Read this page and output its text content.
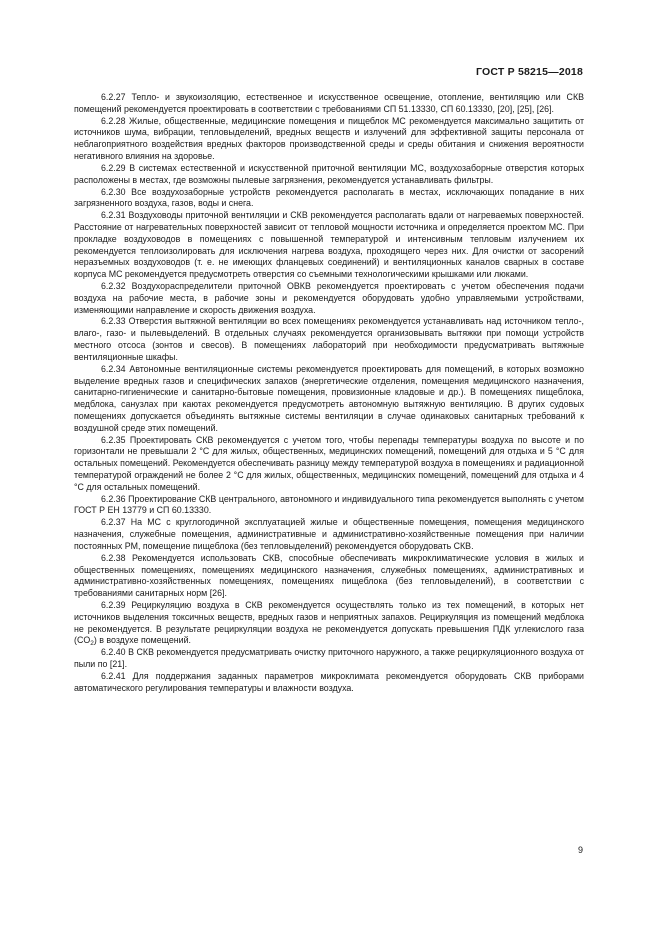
ГОСТ Р 58215—2018

6.2.27 Тепло- и звукоизоляцию, естественное и искусственное освещение, отопление, вентиляцию или СКВ помещений рекомендуется проектировать в соответствии с требованиями СП 51.13330, СП 60.13330, [20], [25], [26].

6.2.28 Жилые, общественные, медицинские помещения и пищеблок МС рекомендуется максимально защитить от источников шума, вибрации, тепловыделений, вредных веществ и излучений для эффективной защиты персонала от неблагоприятного воздействия вредных факторов производственной среды и среды обитания и снижения вероятности негативного влияния на здоровье.

6.2.29 В системах естественной и искусственной приточной вентиляции МС, воздухозаборные отверстия которых расположены в местах, где возможны пылевые загрязнения, рекомендуется устанавливать фильтры.

6.2.30 Все воздухозаборные устройств рекомендуется располагать в местах, исключающих попадание в них загрязненного воздуха, газов, воды и снега.

6.2.31 Воздуховоды приточной вентиляции и СКВ рекомендуется располагать вдали от нагреваемых поверхностей. Расстояние от нагревательных поверхностей зависит от тепловой мощности источника и определяется проектом МС. При прокладке воздуховодов в помещениях с повышенной температурой и интенсивным тепловым излучением их рекомендуется теплоизолировать для исключения нагрева воздуха, проходящего через них. Для очистки от засорений неразъемных воздуховодов (т. е. не имеющих фланцевых соединений) и вентиляционных каналов сварных в составе корпуса МС рекомендуется предусмотреть отверстия со съемными технологическими крышками или люками.

6.2.32 Воздухораспределители приточной ОВКВ рекомендуется проектировать с учетом обеспечения подачи воздуха на рабочие места, в рабочие зоны и рекомендуется оборудовать удобно управляемыми устройствами, изменяющими направление и скорость движения воздуха.

6.2.33 Отверстия вытяжной вентиляции во всех помещениях рекомендуется устанавливать над источником тепло-, влаго-, газо- и пылевыделений. В отдельных случаях рекомендуется организовывать вытяжки при помощи устройств местного отсоса (зонтов и свесов). В помещениях лабораторий при необходимости предусматривать вытяжные вентиляционные шкафы.

6.2.34 Автономные вентиляционные системы рекомендуется проектировать для помещений, в которых возможно выделение вредных газов и специфических запахов (энергетические отделения, помещения медицинского назначения, санитарно-гигиенические и санитарно-бытовые помещения, провизионные кладовые и др.). В помещениях пищеблока, медблока, санузлах при каютах рекомендуется предусмотреть автономную вытяжную вентиляцию. В других судовых помещениях допускается объединять вытяжные системы вентиляции в случае одинаковых санитарных требований к воздушной среде этих помещений.

6.2.35 Проектировать СКВ рекомендуется с учетом того, чтобы перепады температуры воздуха по высоте и по горизонтали не превышали 2 °С для жилых, общественных, медицинских помещений, помещений для отдыха и 5 °С для остальных помещений. Рекомендуется обеспечивать разницу между температурой воздуха в помещениях и радиационной температурой ограждений не более 2 °С для жилых, общественных, медицинских помещений, помещений для отдыха и 4 °С для остальных помещений.

6.2.36 Проектирование СКВ центрального, автономного и индивидуального типа рекомендуется выполнять с учетом ГОСТ Р ЕН 13779 и СП 60.13330.

6.2.37 На МС с круглогодичной эксплуатацией жилые и общественные помещения, помещения медицинского назначения, служебные помещения, административные и административно-хозяйственные помещения при наличии постоянных РМ, помещение пищеблока (без тепловыделений) рекомендуется оборудовать СКВ.

6.2.38 Рекомендуется использовать СКВ, способные обеспечивать микроклиматические условия в жилых и общественных помещениях, помещениях медицинского назначения, служебных помещениях, административных и административно-хозяйственных помещениях, помещениях пищеблока (без тепловыделений), в соответствии с требованиями санитарных норм [26].

6.2.39 Рециркуляцию воздуха в СКВ рекомендуется осуществлять только из тех помещений, в которых нет источников выделения токсичных веществ, вредных газов и неприятных запахов. Рециркуляция из помещений медблока не рекомендуется. В результате рециркуляции воздуха не рекомендуется допускать превышения ПДК углекислого газа $(CO_2)$ в воздухе помещений.

6.2.40 В СКВ рекомендуется предусматривать очистку приточного наружного, а также рециркуляционного воздуха от пыли по [21].

6.2.41 Для поддержания заданных параметров микроклимата рекомендуется оборудовать СКВ приборами автоматического регулирования температуры и влажности воздуха.

9
